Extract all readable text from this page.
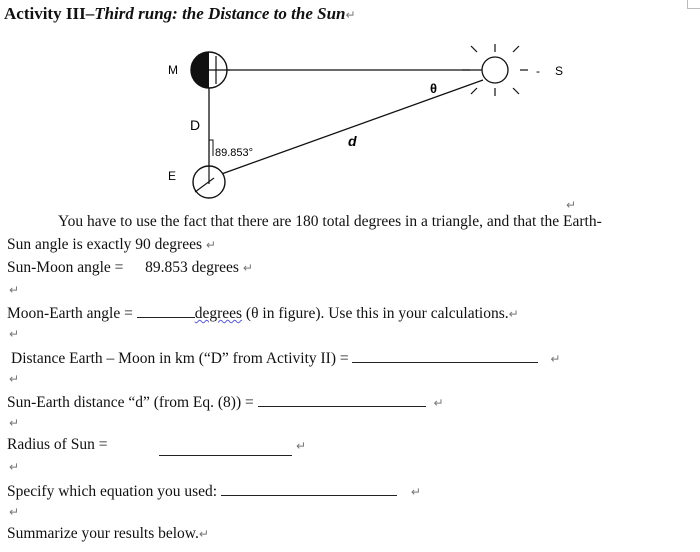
Activity III–Third rung: the Distance to the Sun↵
M	S
-
D
d
E
θ
89.853°
↵
You have to use the fact that there are 180 total degrees in a triangle, and that the Earth-
Sun angle is exactly 90 degrees ↵
Sun-Moon angle =  89.853 degrees ↵
↵
Moon-Earth angle =	degrees (θ in figure). Use this in your calculations.↵
↵
Distance Earth – Moon in km (“D” from Activity II) =	↵
↵
Sun-Earth distance “d” (from Eq. (8)) =	↵
↵
Radius of Sun =	↵
↵
Specify which equation you used:	↵
↵
Summarize your results below.↵
